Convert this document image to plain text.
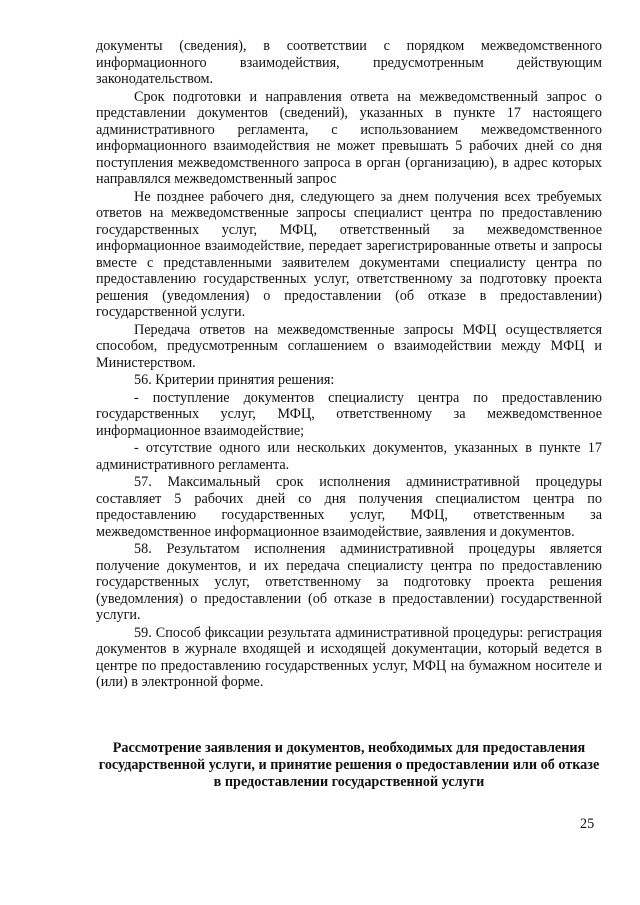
документы (сведения), в соответствии с порядком межведомственного информационного взаимодействия, предусмотренным действующим законодательством.

Срок подготовки и направления ответа на межведомственный запрос о представлении документов (сведений), указанных в пункте 17 настоящего административного регламента, с использованием межведомственного информационного взаимодействия не может превышать 5 рабочих дней со дня поступления межведомственного запроса в орган (организацию), в адрес которых направлялся межведомственный запрос

Не позднее рабочего дня, следующего за днем получения всех требуемых ответов на межведомственные запросы специалист центра по предоставлению государственных услуг, МФЦ, ответственный за межведомственное информационное взаимодействие, передает зарегистрированные ответы и запросы вместе с представленными заявителем документами специалисту центра по предоставлению государственных услуг, ответственному за подготовку проекта решения (уведомления) о предоставлении (об отказе в предоставлении) государственной услуги.

Передача ответов на межведомственные запросы МФЦ осуществляется способом, предусмотренным соглашением о взаимодействии между МФЦ и Министерством.

56. Критерии принятия решения:

- поступление документов специалисту центра по предоставлению государственных услуг, МФЦ, ответственному за межведомственное информационное взаимодействие;

- отсутствие одного или нескольких документов, указанных в пункте 17 административного регламента.

57. Максимальный срок исполнения административной процедуры составляет 5 рабочих дней со дня получения специалистом центра по предоставлению государственных услуг, МФЦ, ответственным за межведомственное информационное взаимодействие, заявления и документов.

58. Результатом исполнения административной процедуры является получение документов, и их передача специалисту центра по предоставлению государственных услуг, ответственному за подготовку проекта решения (уведомления) о предоставлении (об отказе в предоставлении) государственной услуги.

59. Способ фиксации результата административной процедуры: регистрация документов в журнале входящей и исходящей документации, который ведется в центре по предоставлению государственных услуг, МФЦ на бумажном носителе и (или) в электронной форме.

Рассмотрение заявления и документов, необходимых для предоставления государственной услуги, и принятие решения о предоставлении или об отказе в предоставлении государственной услуги

25
